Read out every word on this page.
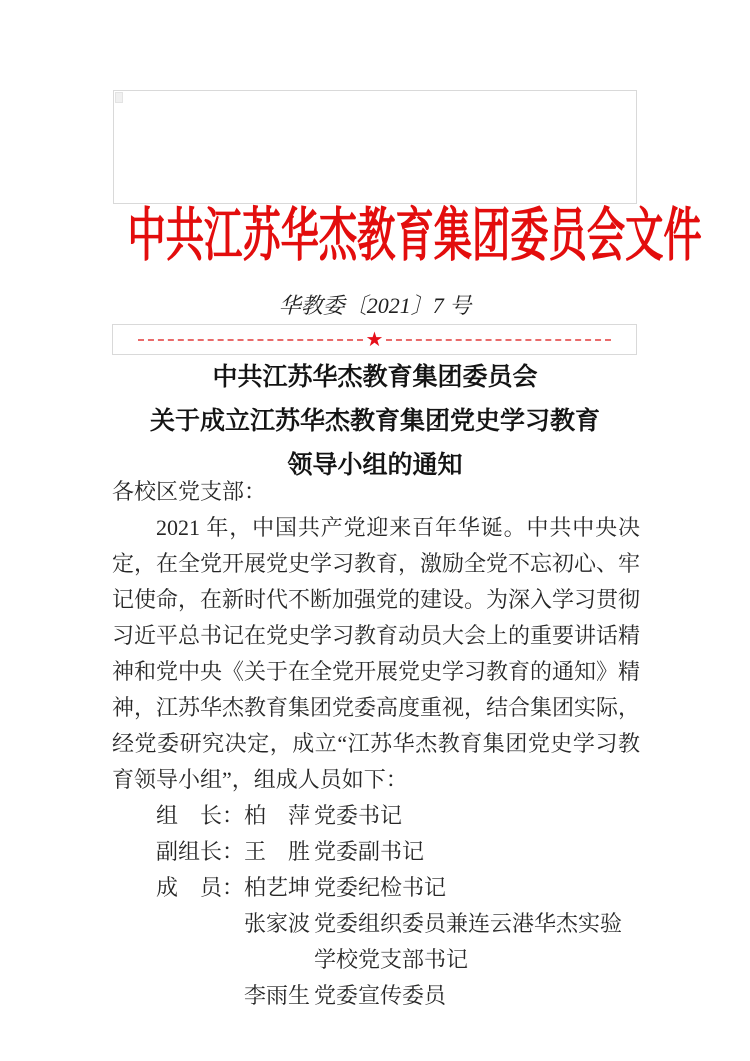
中共江苏华杰教育集团委员会文件
华教委〔2021〕7 号
★
中共江苏华杰教育集团委员会
关于成立江苏华杰教育集团党史学习教育
领导小组的通知
各校区党支部：

2021 年，中国共产党迎来百年华诞。中共中央决定，在全党开展党史学习教育，激励全党不忘初心、牢记使命，在新时代不断加强党的建设。为深入学习贯彻习近平总书记在党史学习教育动员大会上的重要讲话精神和党中央《关于在全党开展党史学习教育的通知》精神，江苏华杰教育集团党委高度重视，结合集团实际，经党委研究决定，成立“江苏华杰教育集团党史学习教育领导小组”，组成人员如下：

组　长： 柏　萍 党委书记
副组长： 王　胜 党委副书记
成　员： 柏艺坤 党委纪检书记
张家波 党委组织委员兼连云港华杰实验
学校党支部书记
李雨生 党委宣传委员
